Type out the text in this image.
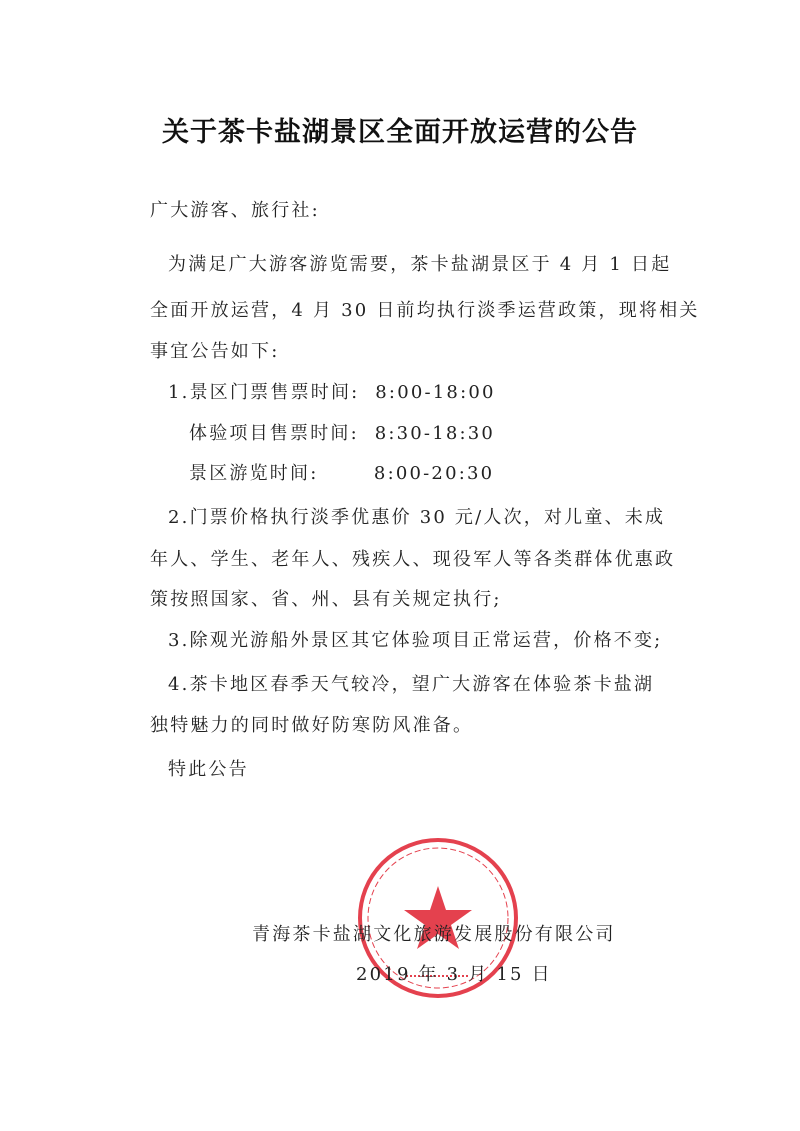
关于茶卡盐湖景区全面开放运营的公告
广大游客、旅行社:
为满足广大游客游览需要，茶卡盐湖景区于 4 月 1 日起
全面开放运营，4 月 30 日前均执行淡季运营政策，现将相关
事宜公告如下:
1.景区门票售票时间:  8:00-18:00
体验项目售票时间:  8:30-18:30
景区游览时间:       8:00-20:30
2.门票价格执行淡季优惠价 30 元/人次，对儿童、未成
年人、学生、老年人、残疾人、现役军人等各类群体优惠政
策按照国家、省、州、县有关规定执行;
3.除观光游船外景区其它体验项目正常运营，价格不变;
4.茶卡地区春季天气较冷，望广大游客在体验茶卡盐湖
独特魅力的同时做好防寒防风准备。
特此公告
青海茶卡盐湖文化旅游发展股份有限公司
2019 年 3 月 15 日
